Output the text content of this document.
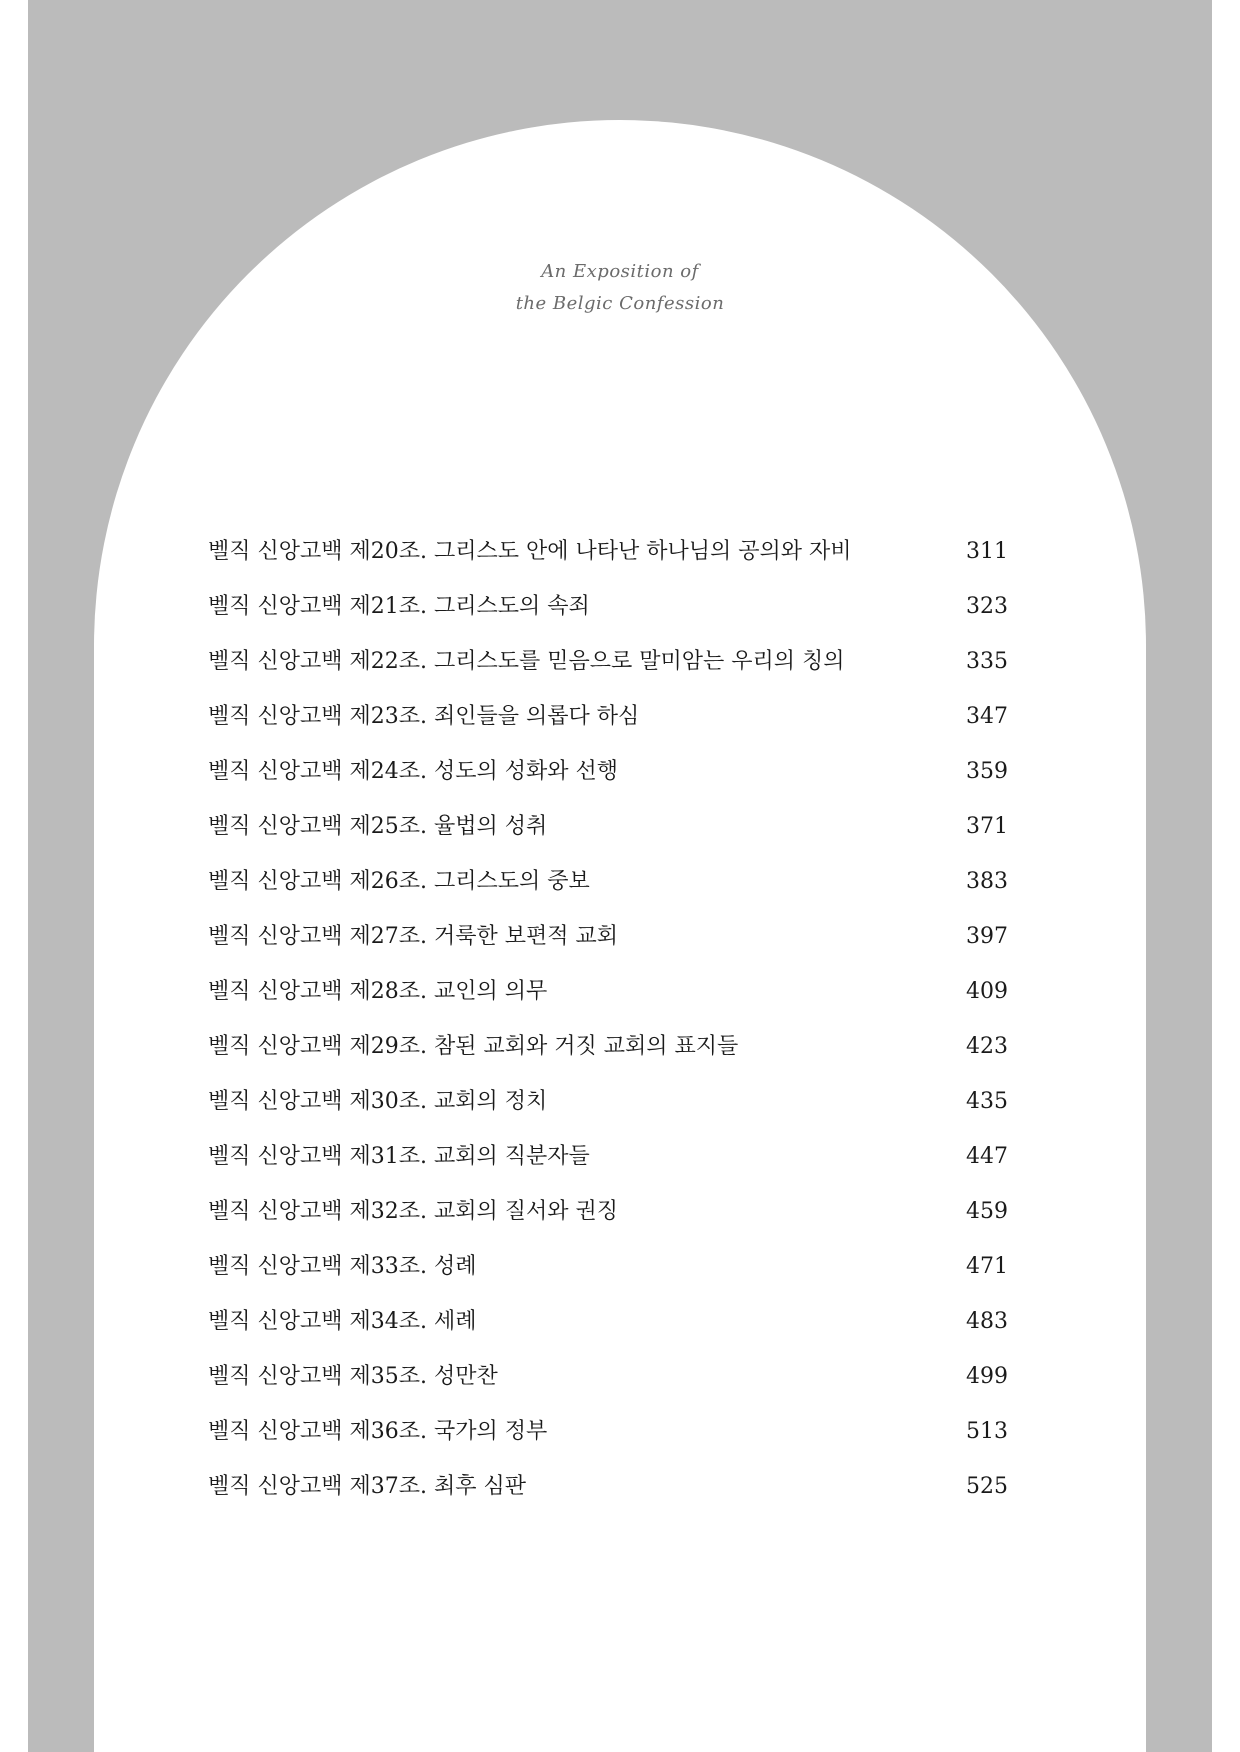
An Exposition of
the Belgic Confession
벨직 신앙고백 제20조. 그리스도 안에 나타난 하나님의 공의와 자비	311
벨직 신앙고백 제21조. 그리스도의 속죄	323
벨직 신앙고백 제22조. 그리스도를 믿음으로 말미암는 우리의 칭의	335
벨직 신앙고백 제23조. 죄인들을 의롭다 하심	347
벨직 신앙고백 제24조. 성도의 성화와 선행	359
벨직 신앙고백 제25조. 율법의 성취	371
벨직 신앙고백 제26조. 그리스도의 중보	383
벨직 신앙고백 제27조. 거룩한 보편적 교회	397
벨직 신앙고백 제28조. 교인의 의무	409
벨직 신앙고백 제29조. 참된 교회와 거짓 교회의 표지들	423
벨직 신앙고백 제30조. 교회의 정치	435
벨직 신앙고백 제31조. 교회의 직분자들	447
벨직 신앙고백 제32조. 교회의 질서와 권징	459
벨직 신앙고백 제33조. 성례	471
벨직 신앙고백 제34조. 세례	483
벨직 신앙고백 제35조. 성만찬	499
벨직 신앙고백 제36조. 국가의 정부	513
벨직 신앙고백 제37조. 최후 심판	525
